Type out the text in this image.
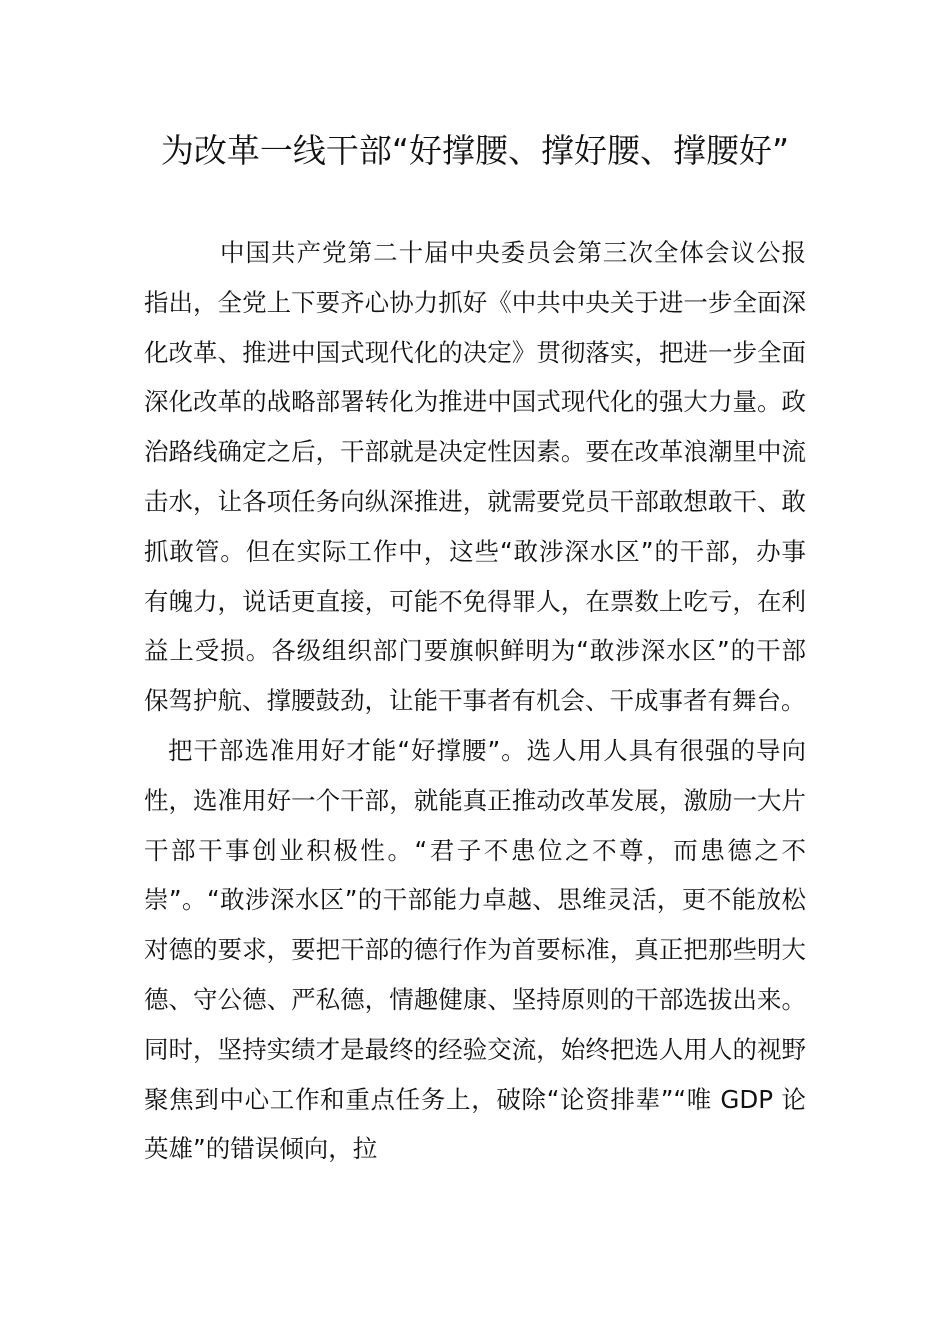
为改革一线干部“好撑腰、撑好腰、撑腰好”

中国共产党第二十届中央委员会第三次全体会议公报指出，全党上下要齐心协力抓好《中共中央关于进一步全面深化改革、推进中国式现代化的决定》贯彻落实，把进一步全面深化改革的战略部署转化为推进中国式现代化的强大力量。政治路线确定之后，干部就是决定性因素。要在改革浪潮里中流击水，让各项任务向纵深推进，就需要党员干部敢想敢干、敢抓敢管。但在实际工作中，这些“敢涉深水区”的干部，办事有魄力，说话更直接，可能不免得罪人，在票数上吃亏，在利益上受损。各级组织部门要旗帜鲜明为“敢涉深水区”的干部保驾护航、撑腰鼓劲，让能干事者有机会、干成事者有舞台。

把干部选准用好才能“好撑腰”。选人用人具有很强的导向性，选准用好一个干部，就能真正推动改革发展，激励一大片干部干事创业积极性。“君子不患位之不尊，而患德之不崇”。“敢涉深水区”的干部能力卓越、思维灵活，更不能放松对德的要求，要把干部的德行作为首要标准，真正把那些明大德、守公德、严私德，情趣健康、坚持原则的干部选拔出来。同时，坚持实绩才是最终的经验交流，始终把选人用人的视野聚焦到中心工作和重点任务上，破除“论资排辈”“唯 GDP 论英雄”的错误倾向，拉
